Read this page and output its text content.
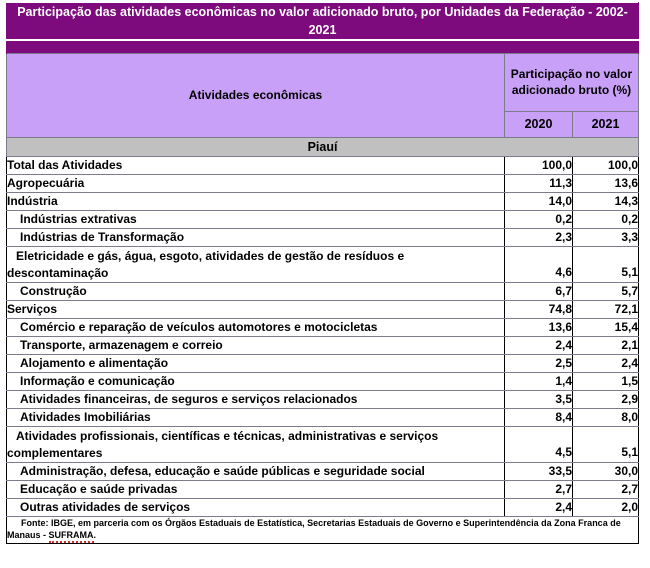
Participação das atividades econômicas no valor adicionado bruto, por Unidades da Federação - 2002-2021		

Atividades econômicas	Participação no valor adicionado bruto (%)	
	2020	2021
Piauí		
Total das Atividades	100,0	100,0
Agropecuária	11,3	13,6
Indústria	14,0	14,3
Indústrias extrativas	0,2	0,2
Indústrias de Transformação	2,3	3,3

Eletricidade e gás, água, esgoto, atividades de gestão de resíduos e descontaminação	4,6	5,1
Construção	6,7	5,7
Serviços	74,8	72,1
Comércio e reparação de veículos automotores e motocicletas	13,6	15,4
Transporte, armazenagem e correio	2,4	2,1
Alojamento e alimentação	2,5	2,4
Informação e comunicação	1,4	1,5
Atividades financeiras, de seguros e serviços relacionados	3,5	2,9
Atividades Imobiliárias	8,4	8,0

Atividades profissionais, científicas e técnicas, administrativas e serviços complementares	4,5	5,1
Administração, defesa, educação e saúde públicas e seguridade social	33,5	30,0
Educação e saúde privadas	2,7	2,7
Outras atividades de serviços	2,4	2,0
Fonte: IBGE, em parceria com os Órgãos Estaduais de Estatística, Secretarias Estaduais de Governo e Superintendência da Zona Franca de Manaus - SUFRAMA.		
